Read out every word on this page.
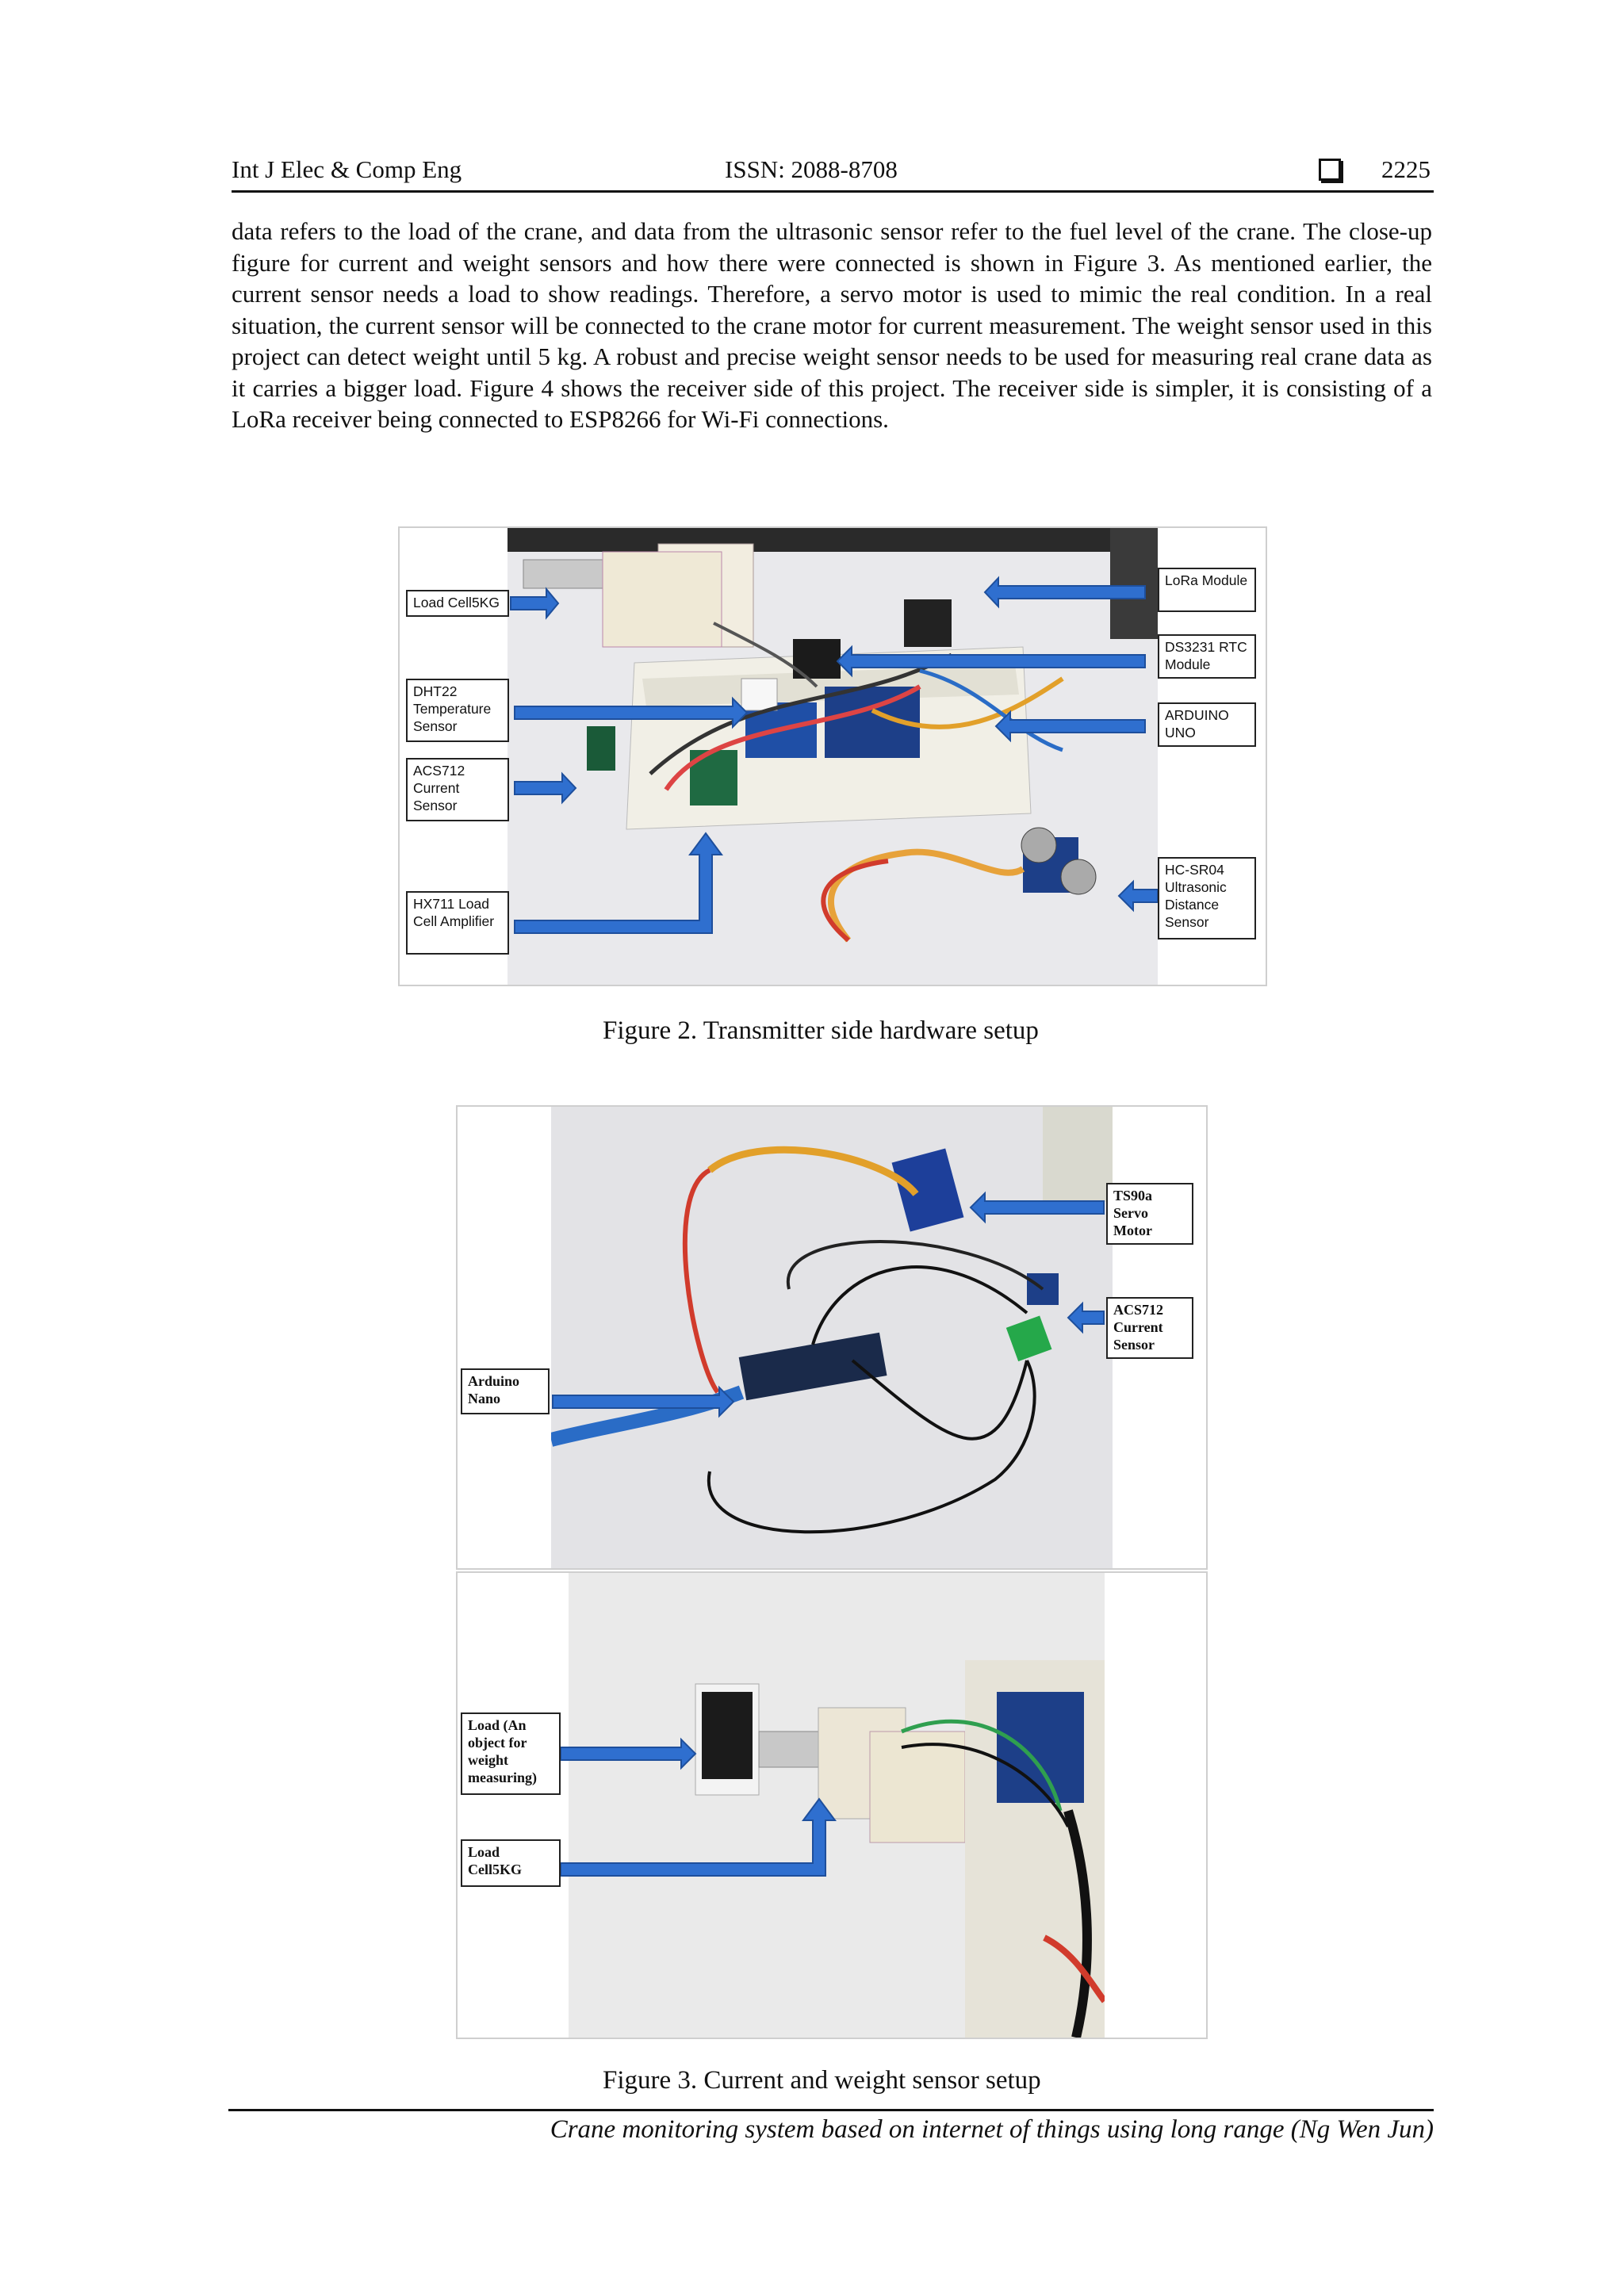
Int J Elec & Comp Eng	ISSN: 2088-8708	2225

data refers to the load of the crane, and data from the ultrasonic sensor refer to the fuel level of the crane. The close-up figure for current and weight sensors and how there were connected is shown in Figure 3. As mentioned earlier, the current sensor needs a load to show readings. Therefore, a servo motor is used to mimic the real condition. In a real situation, the current sensor will be connected to the crane motor for current measurement. The weight sensor used in this project can detect weight until 5 kg. A robust and precise weight sensor needs to be used for measuring real crane data as it carries a bigger load. Figure 4 shows the receiver side of this project. The receiver side is simpler, it is consisting of a LoRa receiver being connected to ESP8266 for Wi-Fi connections.

Load Cell5KG
DHT22 Temperature Sensor
ACS712 Current Sensor
HX711 Load Cell Amplifier
LoRa Module
DS3231 RTC Module
ARDUINO UNO
HC-SR04 Ultrasonic Distance Sensor
Figure 2. Transmitter side hardware setup
TS90a Servo Motor
ACS712 Current Sensor
Arduino Nano
Load (An object for weight measuring)
Load Cell5KG
Figure 3. Current and weight sensor setup
Crane monitoring system based on internet of things using long range (Ng Wen Jun)
